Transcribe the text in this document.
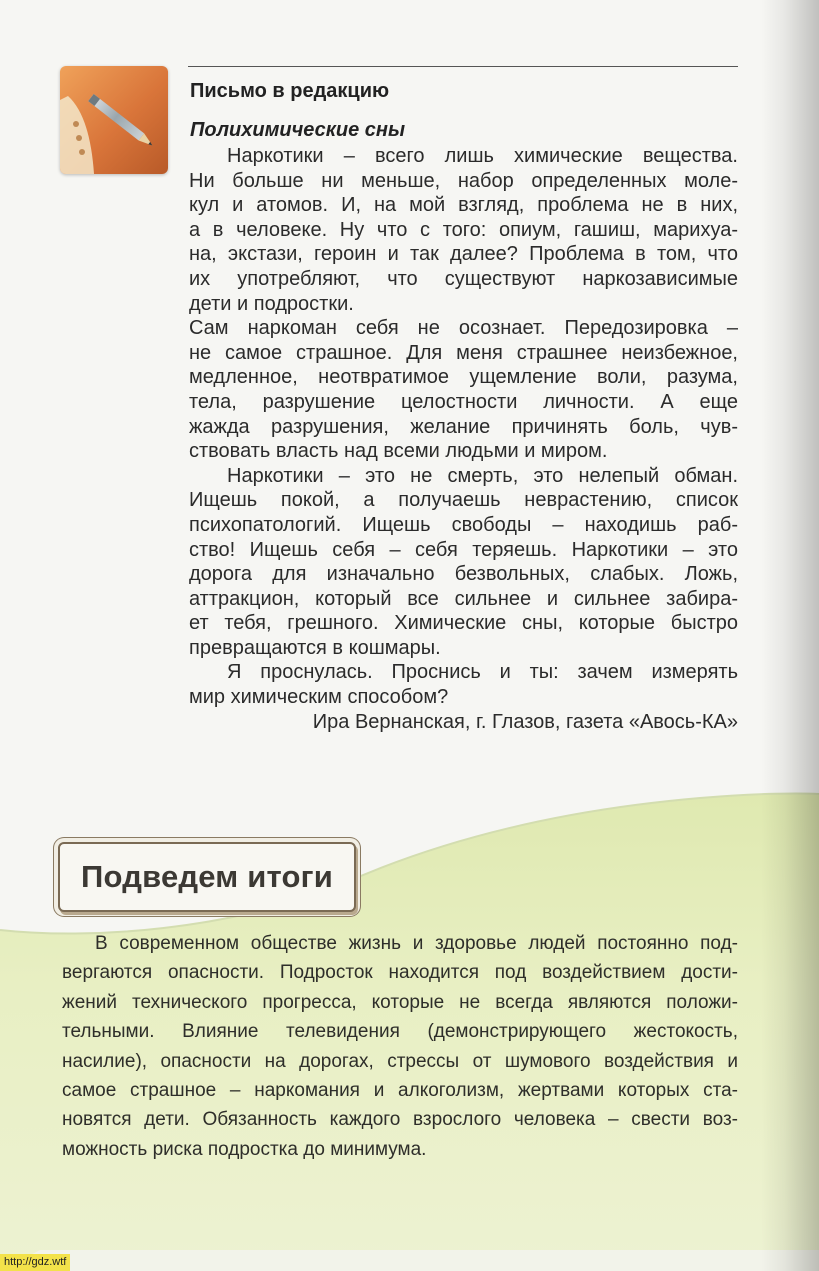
Письмо в редакцию
Полихимические сны
Наркотики – всего лишь химические вещества.
Ни больше ни меньше, набор определенных моле-
кул и атомов. И, на мой взгляд, проблема не в них,
а в человеке. Ну что с того: опиум, гашиш, марихуа-
на, экстази, героин и так далее? Проблема в том, что
их употребляют, что существуют наркозависимые
дети и подростки.
Сам наркоман себя не осознает. Передозировка –
не самое страшное. Для меня страшнее неизбежное,
медленное, неотвратимое ущемление воли, разума,
тела, разрушение целостности личности. А еще
жажда разрушения, желание причинять боль, чув-
ствовать власть над всеми людьми и миром.
Наркотики – это не смерть, это нелепый обман.
Ищешь покой, а получаешь неврастению, список
психопатологий. Ищешь свободы – находишь раб-
ство! Ищешь себя – себя теряешь. Наркотики – это
дорога для изначально безвольных, слабых. Ложь,
аттракцион, который все сильнее и сильнее забира-
ет тебя, грешного. Химические сны, которые быстро
превращаются в кошмары.
Я проснулась. Проснись и ты: зачем измерять
мир химическим способом?
Ира Вернанская, г. Глазов, газета «Авось-КА»
Подведем итоги
В современном обществе жизнь и здоровье людей постоянно под-
вергаются опасности. Подросток находится под воздействием дости-
жений технического прогресса, которые не всегда являются положи-
тельными. Влияние телевидения (демонстрирующего жестокость,
насилие), опасности на дорогах, стрессы от шумового воздействия и
самое страшное – наркомания и алкоголизм, жертвами которых ста-
новятся дети. Обязанность каждого взрослого человека – свести воз-
можность риска подростка до минимума.
http://gdz.wtf
